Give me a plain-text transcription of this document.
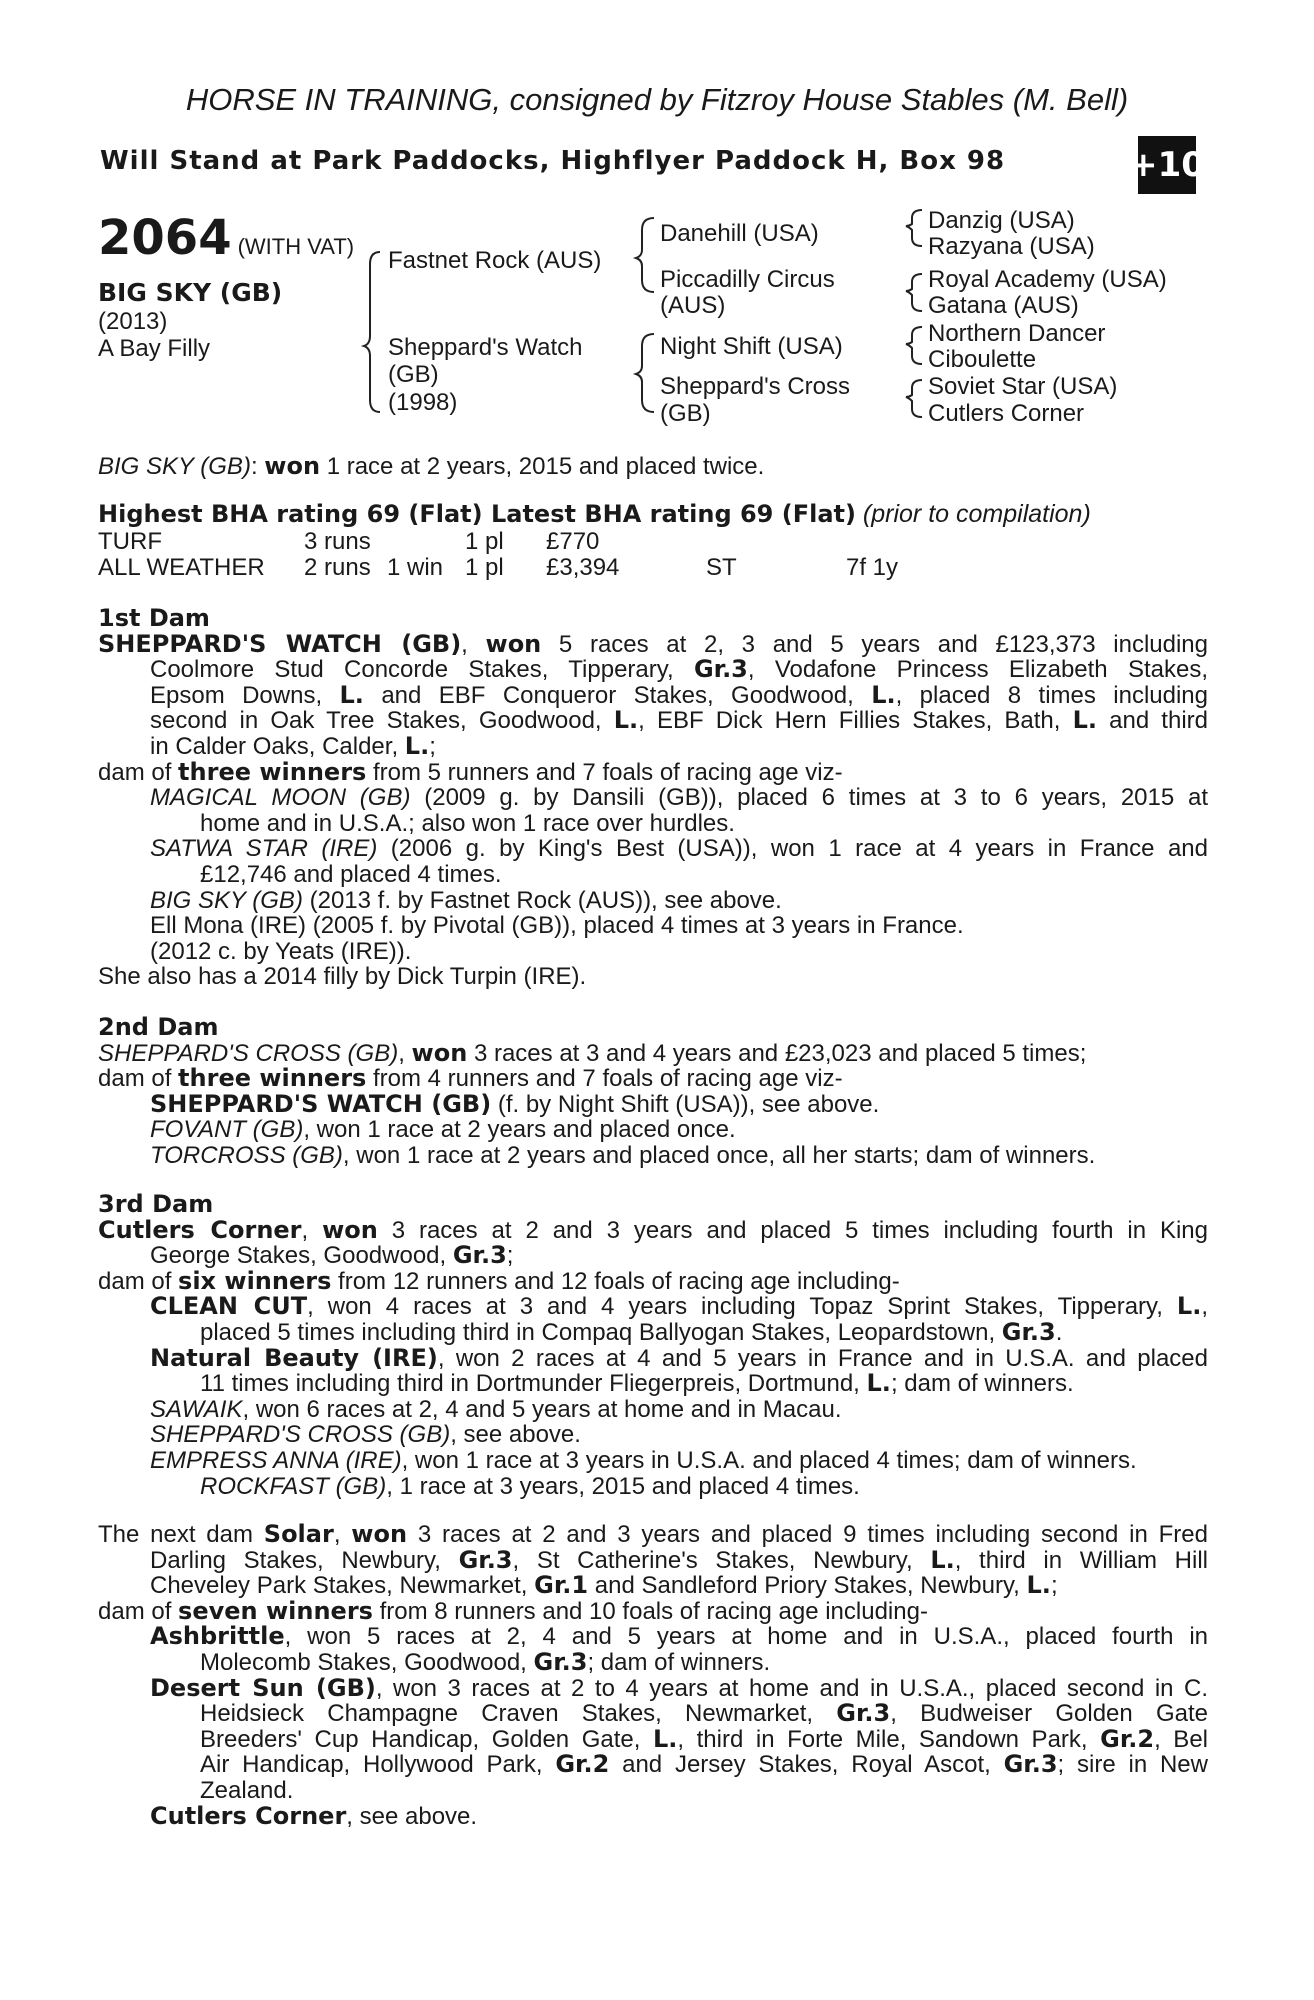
HORSE IN TRAINING, consigned by Fitzroy House Stables (M. Bell)
Will Stand at Park Paddocks, Highflyer Paddock H, Box 98	+10
2064 (WITH VAT)
BIG SKY (GB)
(2013)
A Bay Filly
Fastnet Rock (AUS)
Sheppard's Watch
(GB)
(1998)
Danehill (USA)
Piccadilly Circus
(AUS)
Night Shift (USA)
Sheppard's Cross
(GB)
Danzig (USA)
Razyana (USA)
Royal Academy (USA)
Gatana (AUS)
Northern Dancer
Ciboulette
Soviet Star (USA)
Cutlers Corner
BIG SKY (GB): won 1 race at 2 years, 2015 and placed twice.
Highest BHA rating 69 (Flat) Latest BHA rating 69 (Flat) (prior to compilation)
TURF	3 runs	1 pl £770
ALL WEATHER 2 runs 1 win 1 pl £3,394	ST	7f 1y
1st Dam
SHEPPARD'S WATCH (GB), won 5 races at 2, 3 and 5 years and £123,373 including
Coolmore Stud Concorde Stakes, Tipperary, Gr.3, Vodafone Princess Elizabeth Stakes,
Epsom Downs, L. and EBF Conqueror Stakes, Goodwood, L., placed 8 times including
second in Oak Tree Stakes, Goodwood, L., EBF Dick Hern Fillies Stakes, Bath, L. and third
in Calder Oaks, Calder, L.;
dam of three winners from 5 runners and 7 foals of racing age viz-
MAGICAL MOON (GB) (2009 g. by Dansili (GB)), placed 6 times at 3 to 6 years, 2015 at
home and in U.S.A.; also won 1 race over hurdles.
SATWA STAR (IRE) (2006 g. by King's Best (USA)), won 1 race at 4 years in France and
£12,746 and placed 4 times.
BIG SKY (GB) (2013 f. by Fastnet Rock (AUS)), see above.
Ell Mona (IRE) (2005 f. by Pivotal (GB)), placed 4 times at 3 years in France.
(2012 c. by Yeats (IRE)).
She also has a 2014 filly by Dick Turpin (IRE).
2nd Dam
SHEPPARD'S CROSS (GB), won 3 races at 3 and 4 years and £23,023 and placed 5 times;
dam of three winners from 4 runners and 7 foals of racing age viz-
SHEPPARD'S WATCH (GB) (f. by Night Shift (USA)), see above.
FOVANT (GB), won 1 race at 2 years and placed once.
TORCROSS (GB), won 1 race at 2 years and placed once, all her starts; dam of winners.
3rd Dam
Cutlers Corner, won 3 races at 2 and 3 years and placed 5 times including fourth in King
George Stakes, Goodwood, Gr.3;
dam of six winners from 12 runners and 12 foals of racing age including-
CLEAN CUT, won 4 races at 3 and 4 years including Topaz Sprint Stakes, Tipperary, L.,
placed 5 times including third in Compaq Ballyogan Stakes, Leopardstown, Gr.3.
Natural Beauty (IRE), won 2 races at 4 and 5 years in France and in U.S.A. and placed
11 times including third in Dortmunder Fliegerpreis, Dortmund, L.; dam of winners.
SAWAIK, won 6 races at 2, 4 and 5 years at home and in Macau.
SHEPPARD'S CROSS (GB), see above.
EMPRESS ANNA (IRE), won 1 race at 3 years in U.S.A. and placed 4 times; dam of winners.
ROCKFAST (GB), 1 race at 3 years, 2015 and placed 4 times.
The next dam Solar, won 3 races at 2 and 3 years and placed 9 times including second in Fred
Darling Stakes, Newbury, Gr.3, St Catherine's Stakes, Newbury, L., third in William Hill
Cheveley Park Stakes, Newmarket, Gr.1 and Sandleford Priory Stakes, Newbury, L.;
dam of seven winners from 8 runners and 10 foals of racing age including-
Ashbrittle, won 5 races at 2, 4 and 5 years at home and in U.S.A., placed fourth in
Molecomb Stakes, Goodwood, Gr.3; dam of winners.
Desert Sun (GB), won 3 races at 2 to 4 years at home and in U.S.A., placed second in C.
Heidsieck Champagne Craven Stakes, Newmarket, Gr.3, Budweiser Golden Gate
Breeders' Cup Handicap, Golden Gate, L., third in Forte Mile, Sandown Park, Gr.2, Bel
Air Handicap, Hollywood Park, Gr.2 and Jersey Stakes, Royal Ascot, Gr.3; sire in New
Zealand.
Cutlers Corner, see above.
